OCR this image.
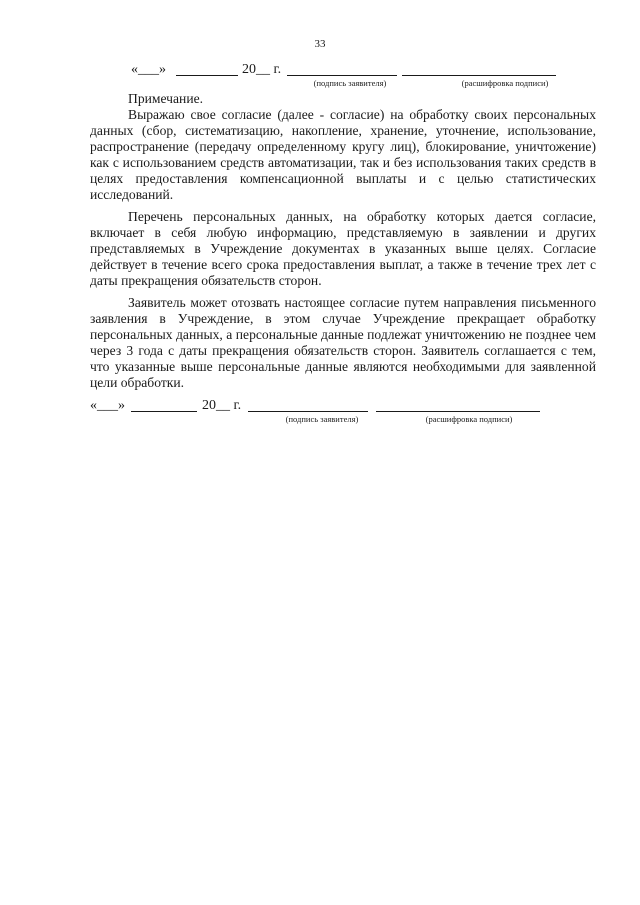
33
«___»	20__ г.
(подпись заявителя)	(расшифровка подписи)

Примечание.

Выражаю свое согласие (далее - согласие) на обработку своих персональных данных (сбор, систематизацию, накопление, хранение, уточнение, использование, распространение (передачу определенному кругу лиц), блокирование, уничтожение) как с использованием средств автоматизации, так и без использования таких средств в целях предоставления компенсационной выплаты и с целью статистических исследований.

Перечень персональных данных, на обработку которых дается согласие, включает в себя любую информацию, представляемую в заявлении и других представляемых в Учреждение документах в указанных выше целях. Согласие действует в течение всего срока предоставления выплат, а также в течение трех лет с даты прекращения обязательств сторон.

Заявитель может отозвать настоящее согласие путем направления письменного заявления в Учреждение, в этом случае Учреждение прекращает обработку персональных данных, а персональные данные подлежат уничтожению не позднее чем через 3 года с даты прекращения обязательств сторон. Заявитель соглашается с тем, что указанные выше персональные данные являются необходимыми для заявленной цели обработки.

«___»	20__ г.
(подпись заявителя)	(расшифровка подписи)
